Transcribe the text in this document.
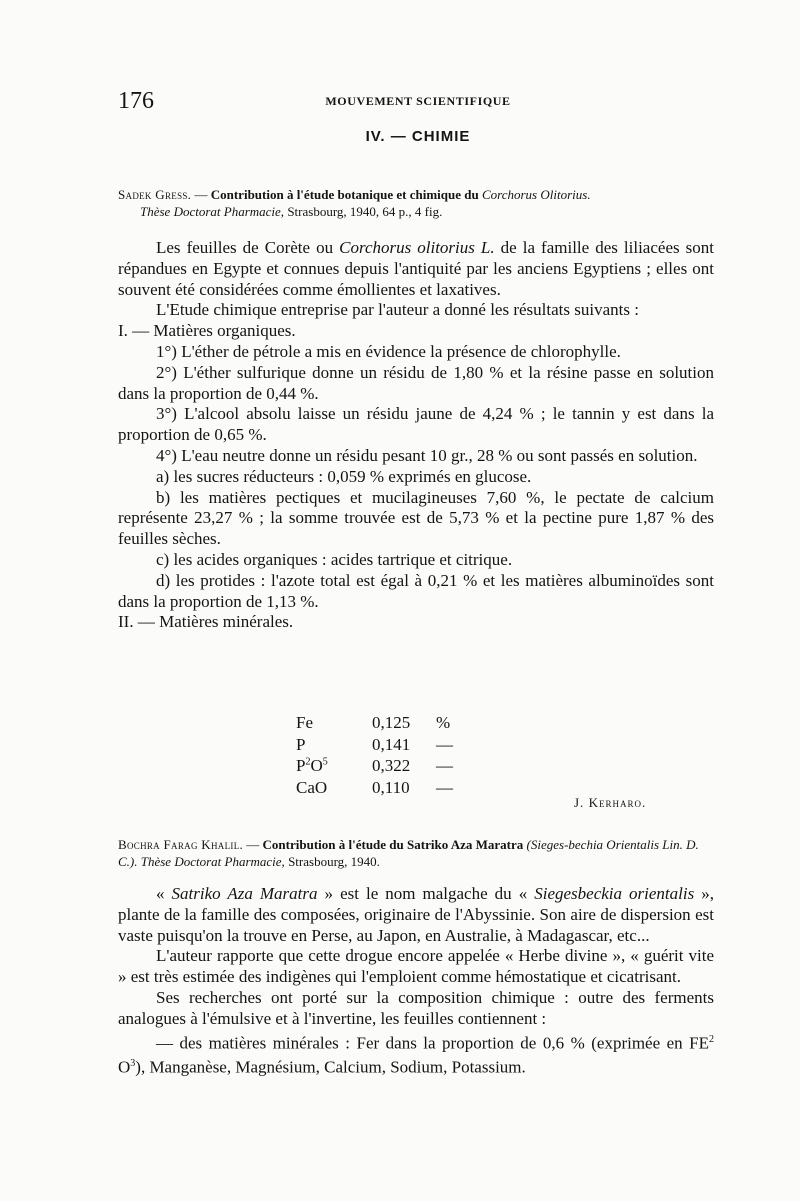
176	MOUVEMENT SCIENTIFIQUE
IV. — CHIMIE
Sadek Gress. — Contribution à l'étude botanique et chimique du Corchorus Olitorius.
Thèse Doctorat Pharmacie, Strasbourg, 1940, 64 p., 4 fig.

Les feuilles de Corète ou Corchorus olitorius L. de la famille des liliacées sont répandues en Egypte et connues depuis l'antiquité par les anciens Egyptiens ; elles ont souvent été considérées comme émollientes et laxatives.

L'Etude chimique entreprise par l'auteur a donné les résultats suivants :

I. — Matières organiques.

1°) L'éther de pétrole a mis en évidence la présence de chlorophylle.

2°) L'éther sulfurique donne un résidu de 1,80 % et la résine passe en solution dans la proportion de 0,44 %.

3°) L'alcool absolu laisse un résidu jaune de 4,24 % ; le tannin y est dans la proportion de 0,65 %.

4°) L'eau neutre donne un résidu pesant 10 gr., 28 % ou sont passés en solution.

a) les sucres réducteurs : 0,059 % exprimés en glucose.

b) les matières pectiques et mucilagineuses 7,60 %, le pectate de calcium représente 23,27 % ; la somme trouvée est de 5,73 % et la pectine pure 1,87 % des feuilles sèches.

c) les acides organiques : acides tartrique et citrique.

d) les protides : l'azote total est égal à 0,21 % et les matières albuminoïdes sont dans la proportion de 1,13 %.

II. — Matières minérales.

Fe	0,125	%
P	0,141	—
$P^2O^5$	0,322	—
CaO	0,110	—
J. Kerharo.
Bochra Farag Khalil. — Contribution à l'étude du Satriko Aza Maratra (Sieges-bechia Orientalis Lin. D. C.). Thèse Doctorat Pharmacie, Strasbourg, 1940.

« Satriko Aza Maratra » est le nom malgache du « Siegesbeckia orientalis », plante de la famille des composées, originaire de l'Abyssinie. Son aire de dispersion est vaste puisqu'on la trouve en Perse, au Japon, en Australie, à Madagascar, etc...

L'auteur rapporte que cette drogue encore appelée « Herbe divine », « guérit vite » est très estimée des indigènes qui l'emploient comme hémostatique et cicatrisant.

Ses recherches ont porté sur la composition chimique : outre des ferments analogues à l'émulsive et à l'invertine, les feuilles contiennent :

— des matières minérales : Fer dans la proportion de 0,6 % (exprimée en $FE^2$ $O^3$), Manganèse, Magnésium, Calcium, Sodium, Potassium.
